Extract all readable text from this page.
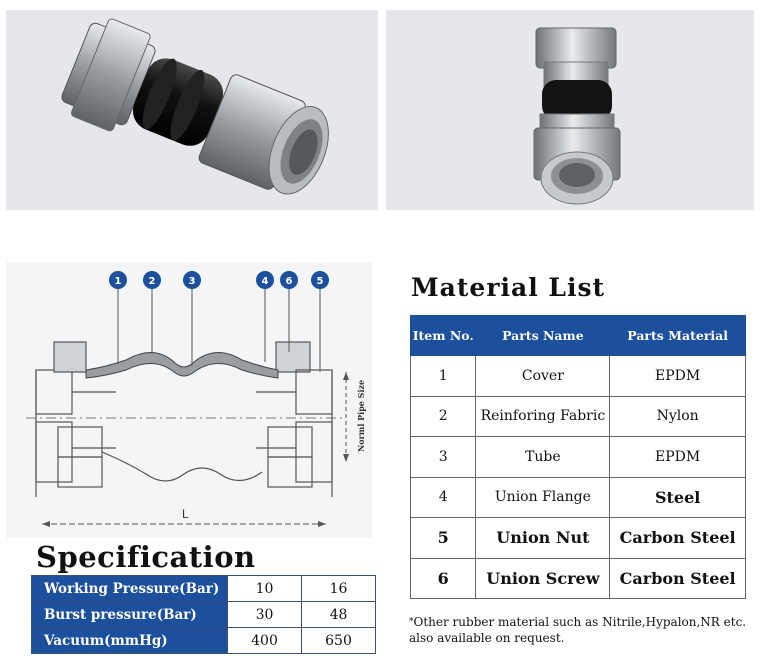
1	2	3	4 6 5
L
Norml Pipe Size
Specification
Working Pressure(Bar)	10	16
Burst pressure(Bar)	30	48
Vacuum(mmHg)	400	650
Material List
Item No.	Parts Name	Parts Material
1	Cover	EPDM
2	Reinforing Fabric	Nylon
3	Tube	EPDM
4	Union Flange	Steel
5	Union Nut	Carbon Steel
6	Union Screw	Carbon Steel
*Other rubber material such as Nitrile,Hypalon,NR etc. also available on request.
